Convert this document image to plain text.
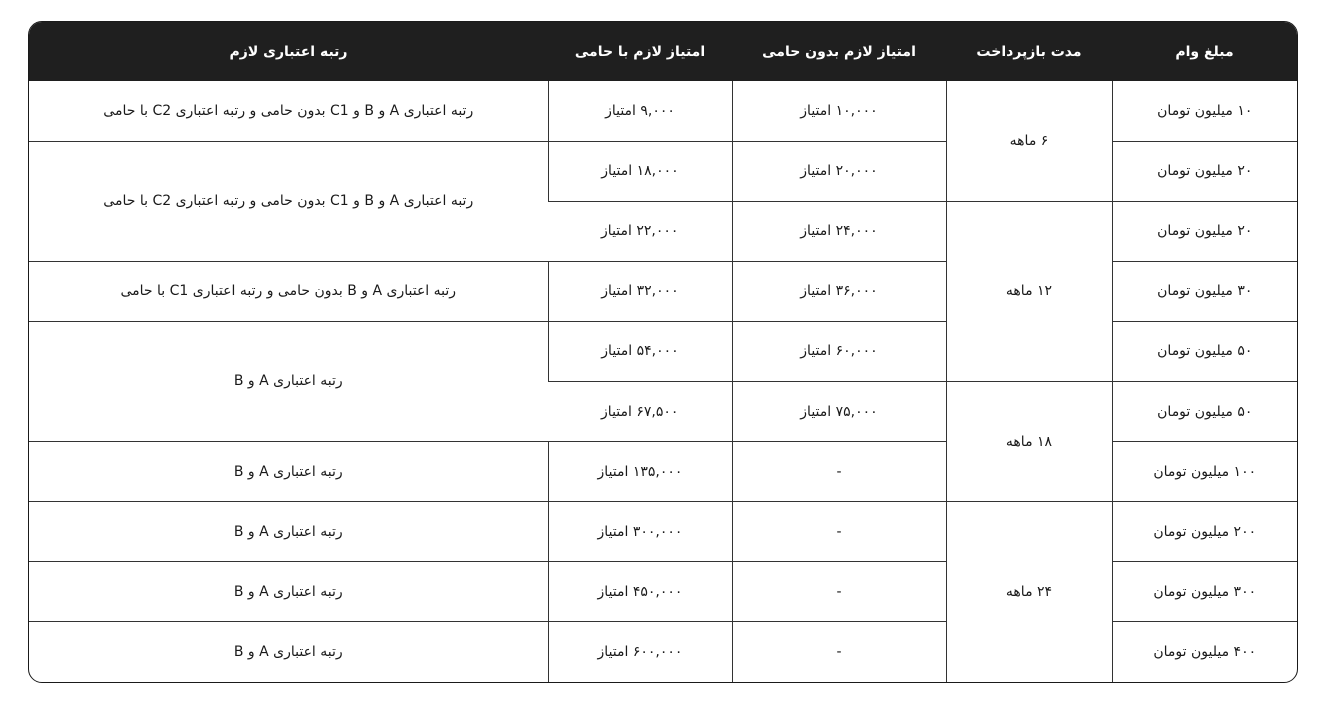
مبلغ وام	مدت بازپرداخت	امتیاز لازم بدون حامی	امتیاز لازم با حامی	رتبه اعتباری لازم
۱۰ میلیون تومان	۶ ماهه	۱۰,۰۰۰ امتیاز	۹,۰۰۰ امتیاز	رتبه اعتباری A و B و C1 بدون حامی و رتبه اعتباری C2 با حامی
۲۰ میلیون تومان		۲۰,۰۰۰ امتیاز	۱۸,۰۰۰ امتیاز	رتبه اعتباری A و B و C1 بدون حامی و رتبه اعتباری C2 با حامی
۲۰ میلیون تومان	۱۲ ماهه	۲۴,۰۰۰ امتیاز	۲۲,۰۰۰ امتیاز	
۳۰ میلیون تومان		۳۶,۰۰۰ امتیاز	۳۲,۰۰۰ امتیاز	رتبه اعتباری A و B بدون حامی و رتبه اعتباری C1 با حامی
۵۰ میلیون تومان		۶۰,۰۰۰ امتیاز	۵۴,۰۰۰ امتیاز	رتبه اعتباری A و B
۵۰ میلیون تومان	۱۸ ماهه	۷۵,۰۰۰ امتیاز	۶۷,۵۰۰ امتیاز	
۱۰۰ میلیون تومان		-	۱۳۵,۰۰۰ امتیاز	رتبه اعتباری A و B
۲۰۰ میلیون تومان	۲۴ ماهه	-	۳۰۰,۰۰۰ امتیاز	رتبه اعتباری A و B
۳۰۰ میلیون تومان		-	۴۵۰,۰۰۰ امتیاز	رتبه اعتباری A و B
۴۰۰ میلیون تومان		-	۶۰۰,۰۰۰ امتیاز	رتبه اعتباری A و B
